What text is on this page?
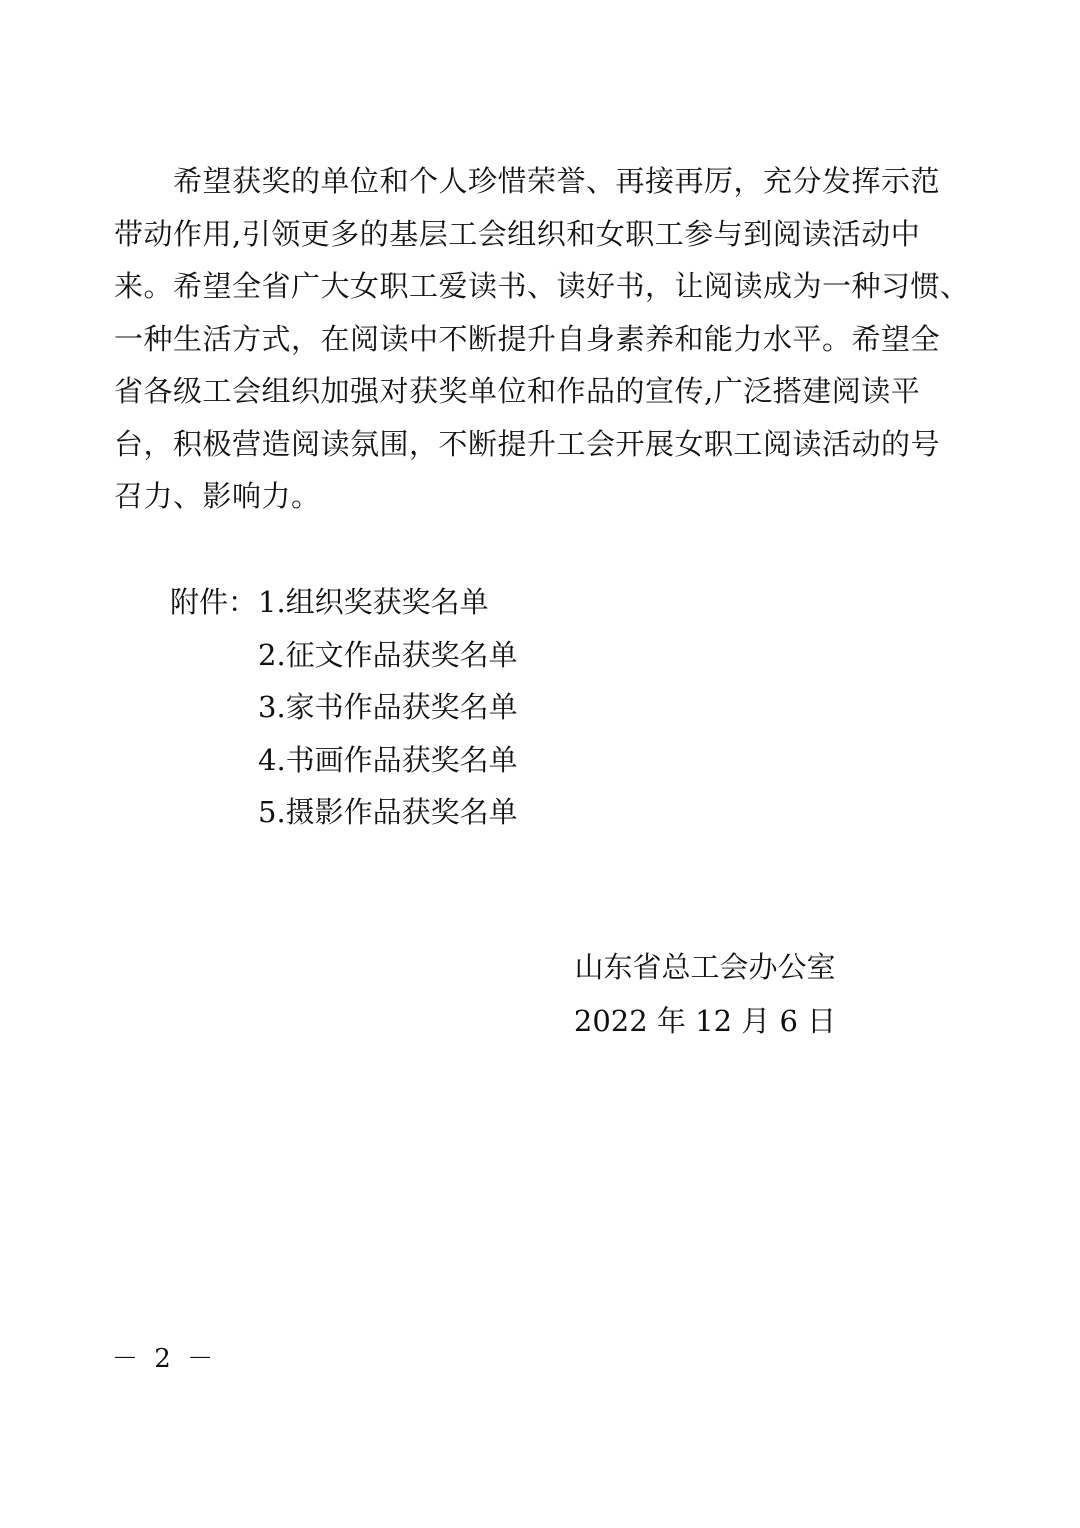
　　希望获奖的单位和个人珍惜荣誉、再接再厉，充分发挥示范
带动作用,引领更多的基层工会组织和女职工参与到阅读活动中
来。希望全省广大女职工爱读书、读好书，让阅读成为一种习惯、
一种生活方式，在阅读中不断提升自身素养和能力水平。希望全
省各级工会组织加强对获奖单位和作品的宣传,广泛搭建阅读平
台，积极营造阅读氛围，不断提升工会开展女职工阅读活动的号
召力、影响力。
附件：1.组织奖获奖名单
2.征文作品获奖名单
3.家书作品获奖名单
4.书画作品获奖名单
5.摄影作品获奖名单
山东省总工会办公室
2022 年 12 月 6 日
－ 2 －
